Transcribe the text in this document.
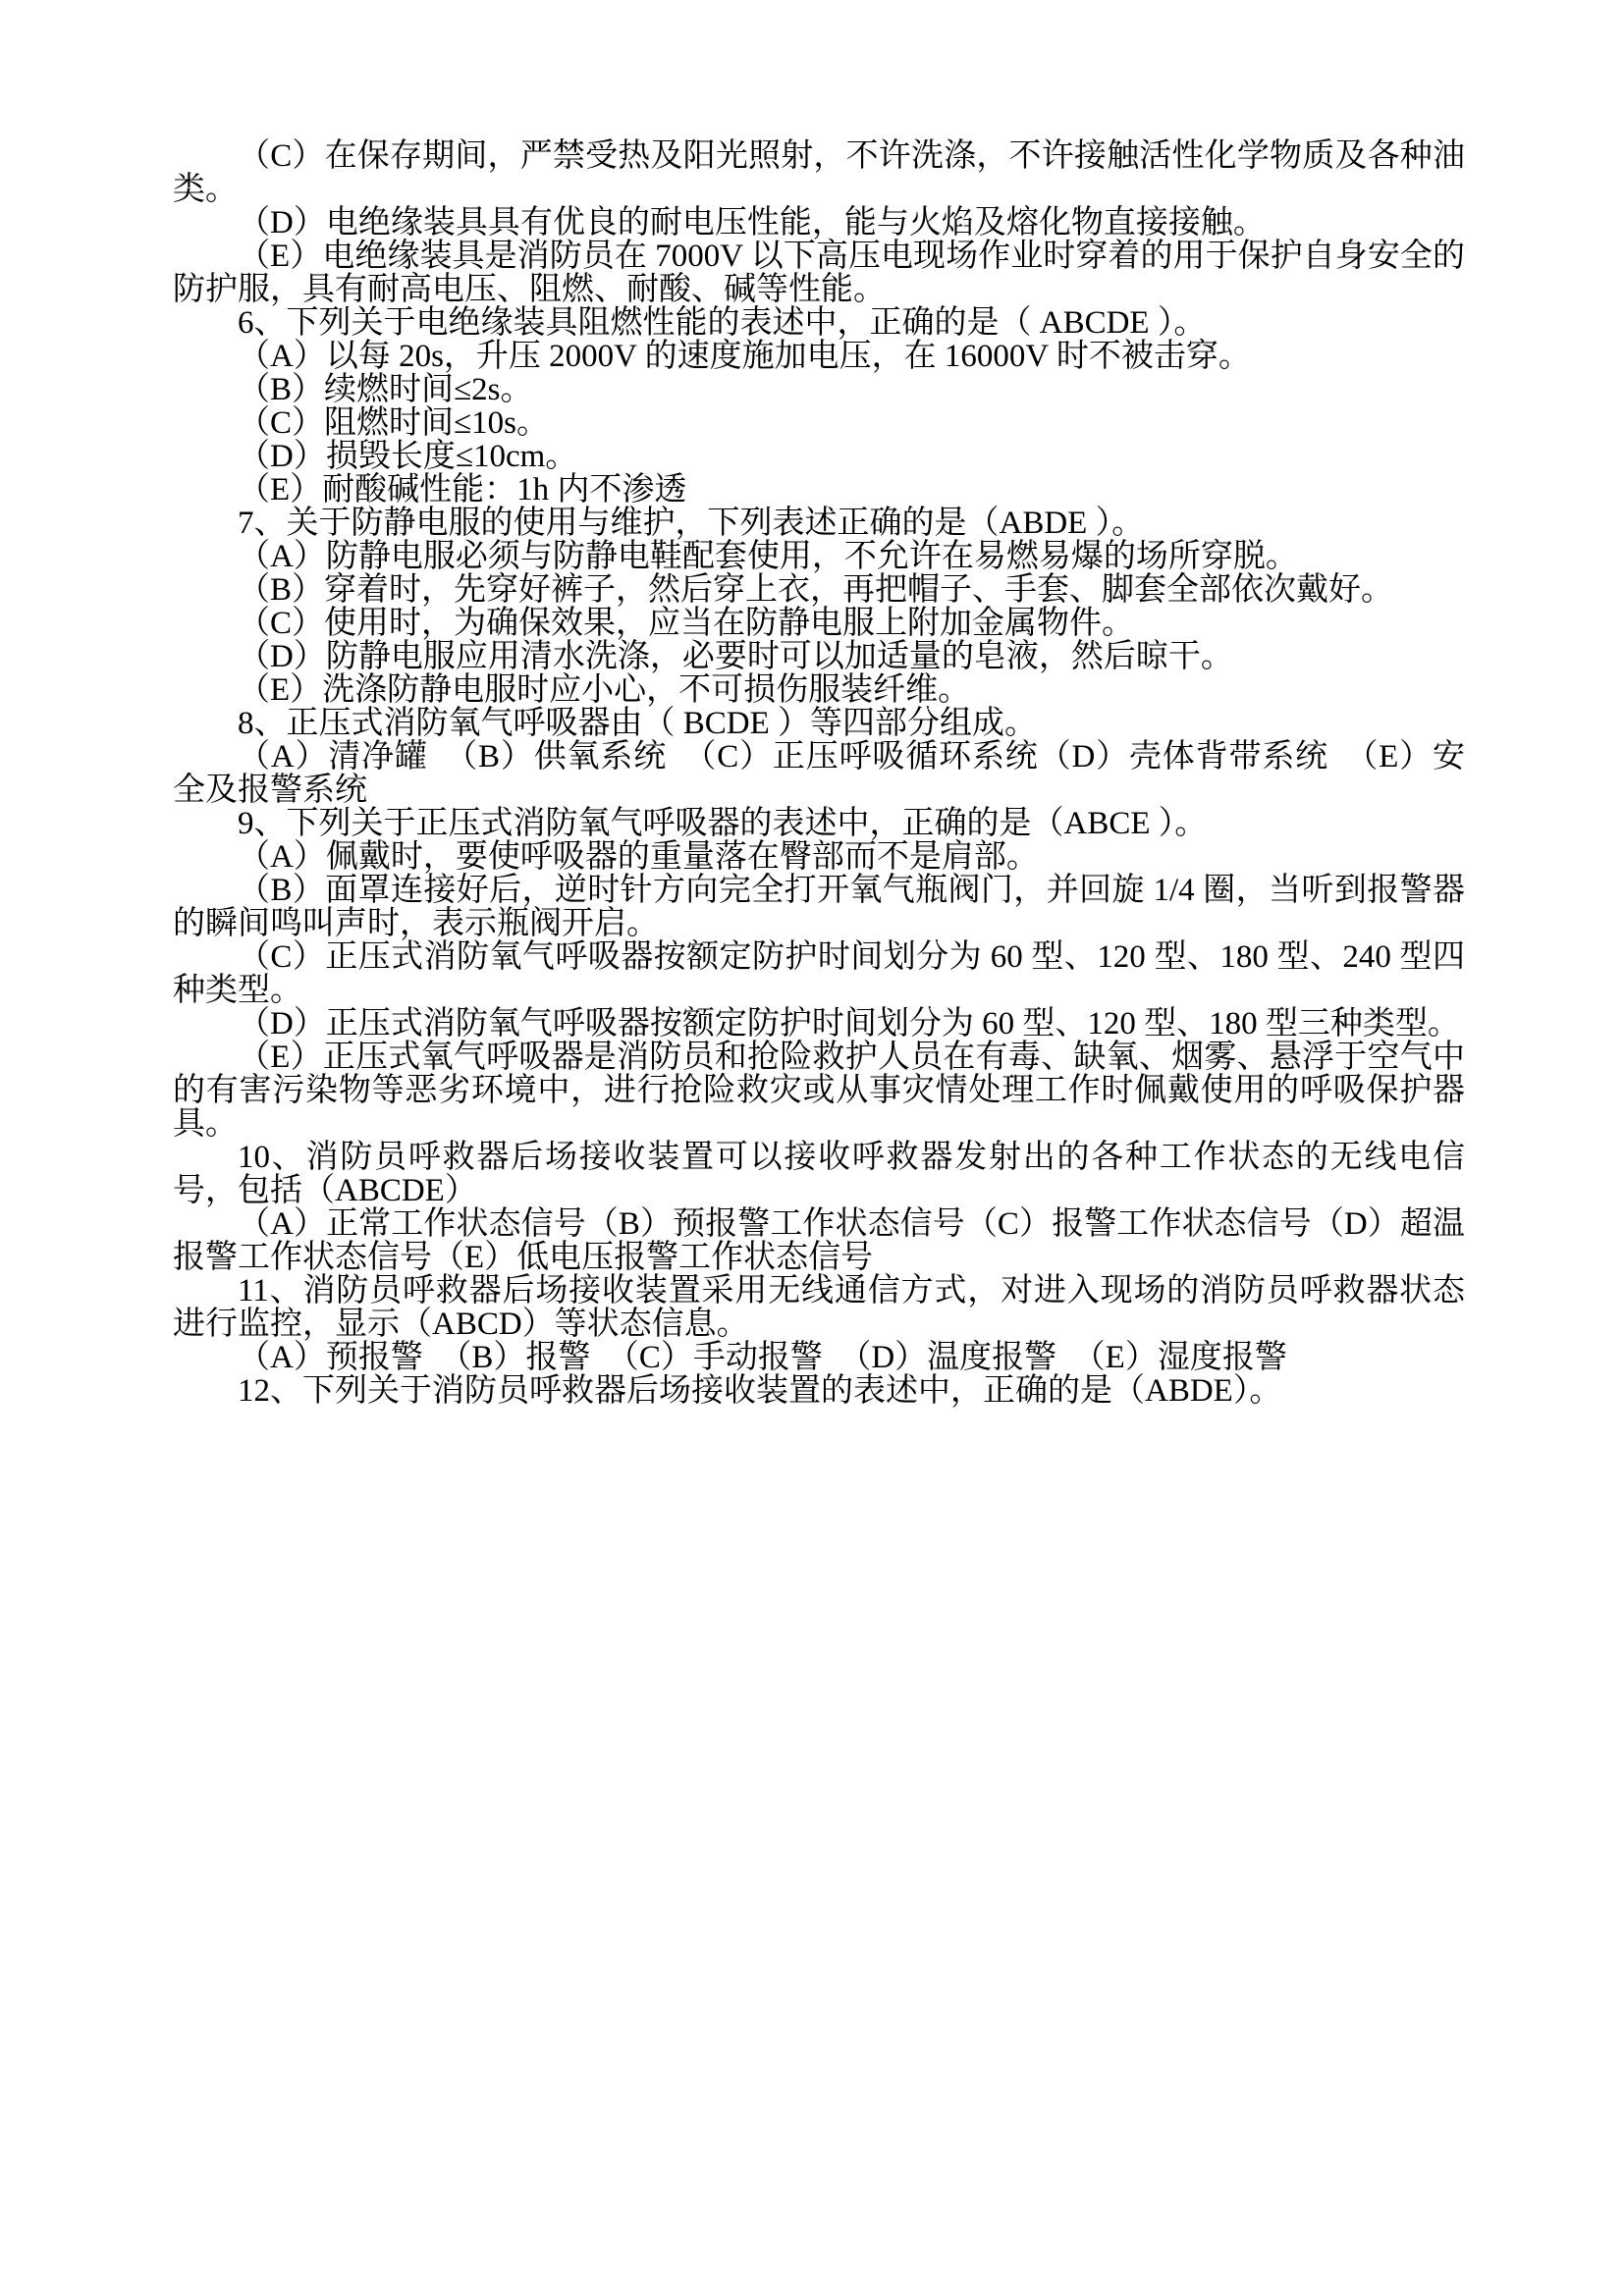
（C）在保存期间，严禁受热及阳光照射，不许洗涤，不许接触活性化学物质及各种油类。

（D）电绝缘装具具有优良的耐电压性能，能与火焰及熔化物直接接触。

（E）电绝缘装具是消防员在 7000V 以下高压电现场作业时穿着的用于保护自身安全的防护服，具有耐高电压、阻燃、耐酸、碱等性能。

6、下列关于电绝缘装具阻燃性能的表述中，正确的是（ ABCDE ）。

（A）以每 20s，升压 2000V 的速度施加电压，在 16000V 时不被击穿。

（B）续燃时间≤2s。

（C）阻燃时间≤10s。

（D）损毁长度≤10cm。

（E）耐酸碱性能：1h 内不渗透

7、关于防静电服的使用与维护，下列表述正确的是（ABDE ）。

（A）防静电服必须与防静电鞋配套使用，不允许在易燃易爆的场所穿脱。

（B）穿着时，先穿好裤子，然后穿上衣，再把帽子、手套、脚套全部依次戴好。

（C）使用时，为确保效果，应当在防静电服上附加金属物件。

（D）防静电服应用清水洗涤，必要时可以加适量的皂液，然后晾干。

（E）洗涤防静电服时应小心，不可损伤服装纤维。

8、正压式消防氧气呼吸器由（ BCDE ）等四部分组成。

（A）清净罐　（B）供氧系统　（C）正压呼吸循环系统（D）壳体背带系统　（E）安全及报警系统

9、下列关于正压式消防氧气呼吸器的表述中，正确的是（ABCE ）。

（A）佩戴时，要使呼吸器的重量落在臀部而不是肩部。

（B）面罩连接好后，逆时针方向完全打开氧气瓶阀门，并回旋 1/4 圈，当听到报警器的瞬间鸣叫声时，表示瓶阀开启。

（C）正压式消防氧气呼吸器按额定防护时间划分为 60 型、120 型、180 型、240 型四种类型。

（D）正压式消防氧气呼吸器按额定防护时间划分为 60 型、120 型、180 型三种类型。

（E）正压式氧气呼吸器是消防员和抢险救护人员在有毒、缺氧、烟雾、悬浮于空气中的有害污染物等恶劣环境中，进行抢险救灾或从事灾情处理工作时佩戴使用的呼吸保护器具。

10、消防员呼救器后场接收装置可以接收呼救器发射出的各种工作状态的无线电信号，包括（ABCDE）

（A）正常工作状态信号（B）预报警工作状态信号（C）报警工作状态信号（D）超温报警工作状态信号（E）低电压报警工作状态信号

11、消防员呼救器后场接收装置采用无线通信方式，对进入现场的消防员呼救器状态进行监控，显示（ABCD）等状态信息。

（A）预报警　（B）报警　（C）手动报警　（D）温度报警　（E）湿度报警

12、下列关于消防员呼救器后场接收装置的表述中，正确的是（ABDE）。
